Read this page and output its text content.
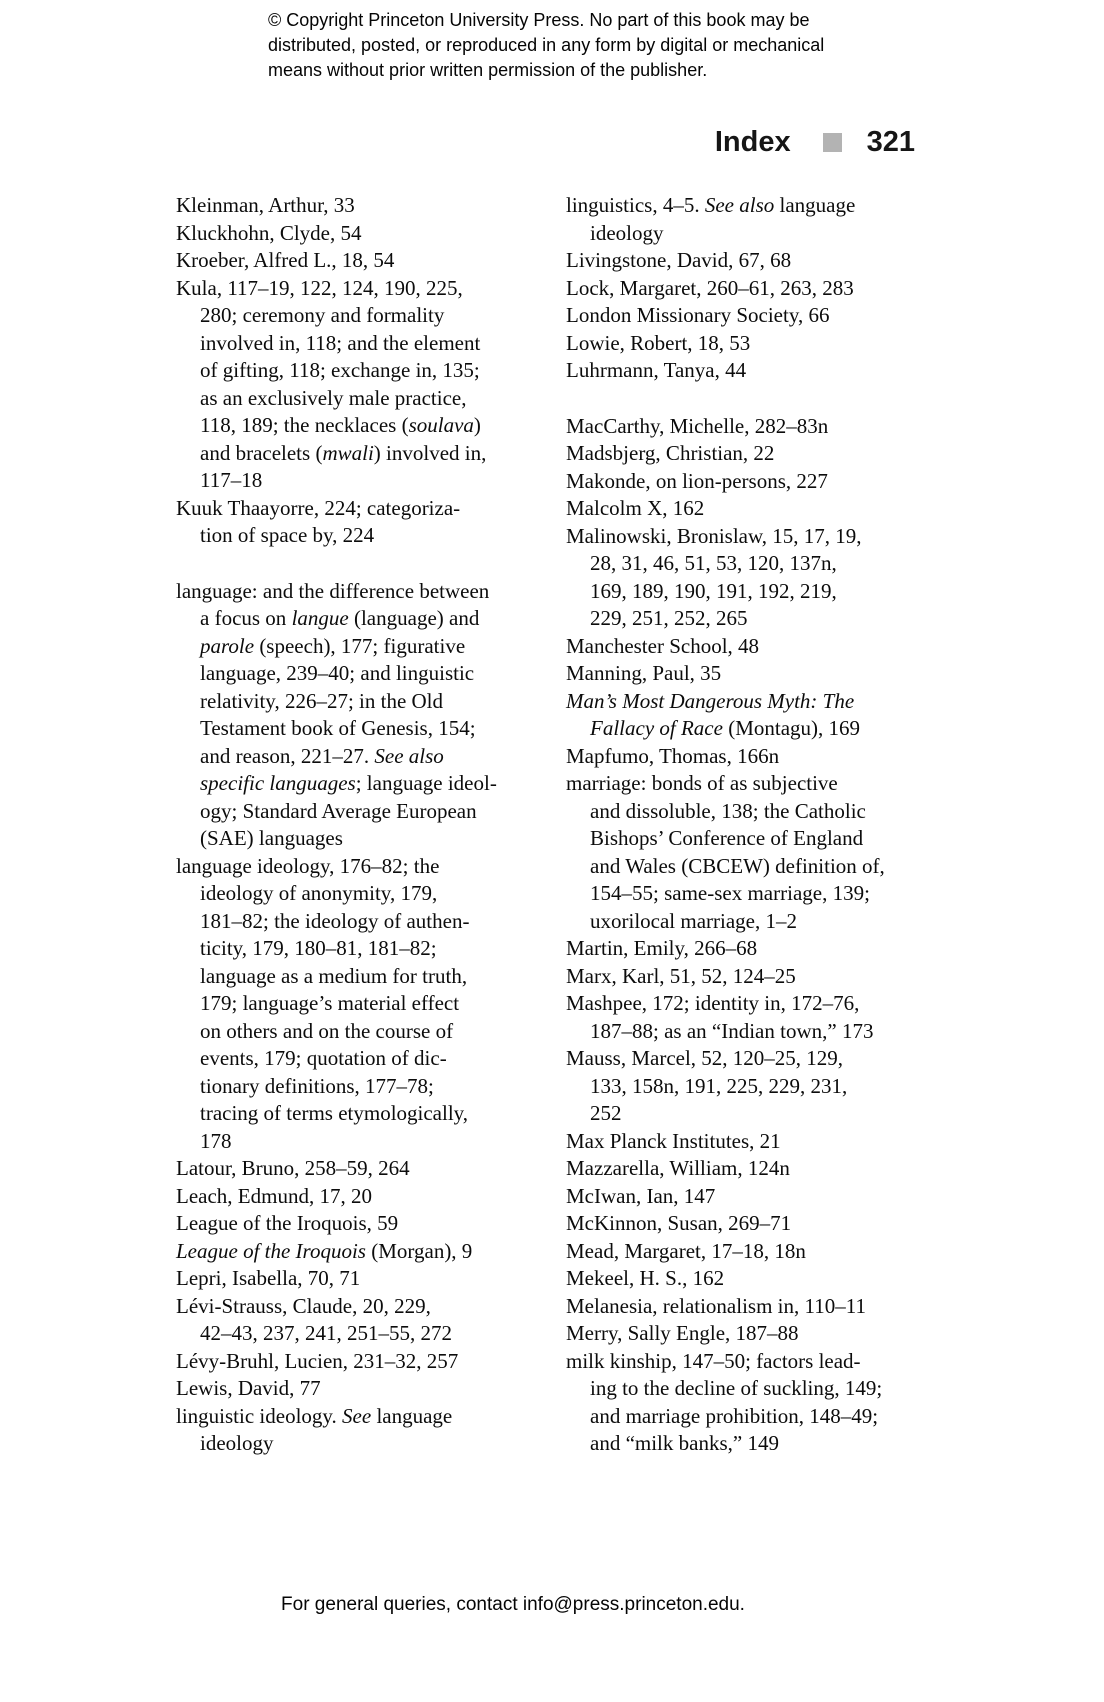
© Copyright Princeton University Press. No part of this book may be
distributed, posted, or reproduced in any form by digital or mechanical
means without prior written permission of the publisher.
Index	321
Kleinman, Arthur, 33
Kluckhohn, Clyde, 54
Kroeber, Alfred L., 18, 54
Kula, 117–19, 122, 124, 190, 225,
280; ceremony and formality
involved in, 118; and the element
of gifting, 118; exchange in, 135;
as an exclusively male practice,
118, 189; the necklaces (soulava)
and bracelets (mwali) involved in,
117–18
Kuuk Thaayorre, 224; categoriza-
tion of space by, 224
language: and the difference between
a focus on langue (language) and
parole (speech), 177; figurative
language, 239–40; and linguistic
relativity, 226–27; in the Old
Testament book of Genesis, 154;
and reason, 221–27. See also
specific languages; language ideol-
ogy; Standard Average European
(SAE) languages
language ideology, 176–82; the
ideology of anonymity, 179,
181–82; the ideology of authen-
ticity, 179, 180–81, 181–82;
language as a medium for truth,
179; language’s material effect
on others and on the course of
events, 179; quotation of dic-
tionary definitions, 177–78;
tracing of terms etymologically,
178
Latour, Bruno, 258–59, 264
Leach, Edmund, 17, 20
League of the Iroquois, 59
League of the Iroquois (Morgan), 9
Lepri, Isabella, 70, 71
Lévi-Strauss, Claude, 20, 229,
42–43, 237, 241, 251–55, 272
Lévy-Bruhl, Lucien, 231–32, 257
Lewis, David, 77
linguistic ideology. See language
ideology
linguistics, 4–5. See also language
ideology
Livingstone, David, 67, 68
Lock, Margaret, 260–61, 263, 283
London Missionary Society, 66
Lowie, Robert, 18, 53
Luhrmann, Tanya, 44
MacCarthy, Michelle, 282–83n
Madsbjerg, Christian, 22
Makonde, on lion-persons, 227
Malcolm X, 162
Malinowski, Bronislaw, 15, 17, 19,
28, 31, 46, 51, 53, 120, 137n,
169, 189, 190, 191, 192, 219,
229, 251, 252, 265
Manchester School, 48
Manning, Paul, 35
Man’s Most Dangerous Myth: The
Fallacy of Race (Montagu), 169
Mapfumo, Thomas, 166n
marriage: bonds of as subjective
and dissoluble, 138; the Catholic
Bishops’ Conference of England
and Wales (CBCEW) definition of,
154–55; same-sex marriage, 139;
uxorilocal marriage, 1–2
Martin, Emily, 266–68
Marx, Karl, 51, 52, 124–25
Mashpee, 172; identity in, 172–76,
187–88; as an “Indian town,” 173
Mauss, Marcel, 52, 120–25, 129,
133, 158n, 191, 225, 229, 231,
252
Max Planck Institutes, 21
Mazzarella, William, 124n
McIwan, Ian, 147
McKinnon, Susan, 269–71
Mead, Margaret, 17–18, 18n
Mekeel, H. S., 162
Melanesia, relationalism in, 110–11
Merry, Sally Engle, 187–88
milk kinship, 147–50; factors lead-
ing to the decline of suckling, 149;
and marriage prohibition, 148–49;
and “milk banks,” 149
For general queries, contact info@press.princeton.edu.
